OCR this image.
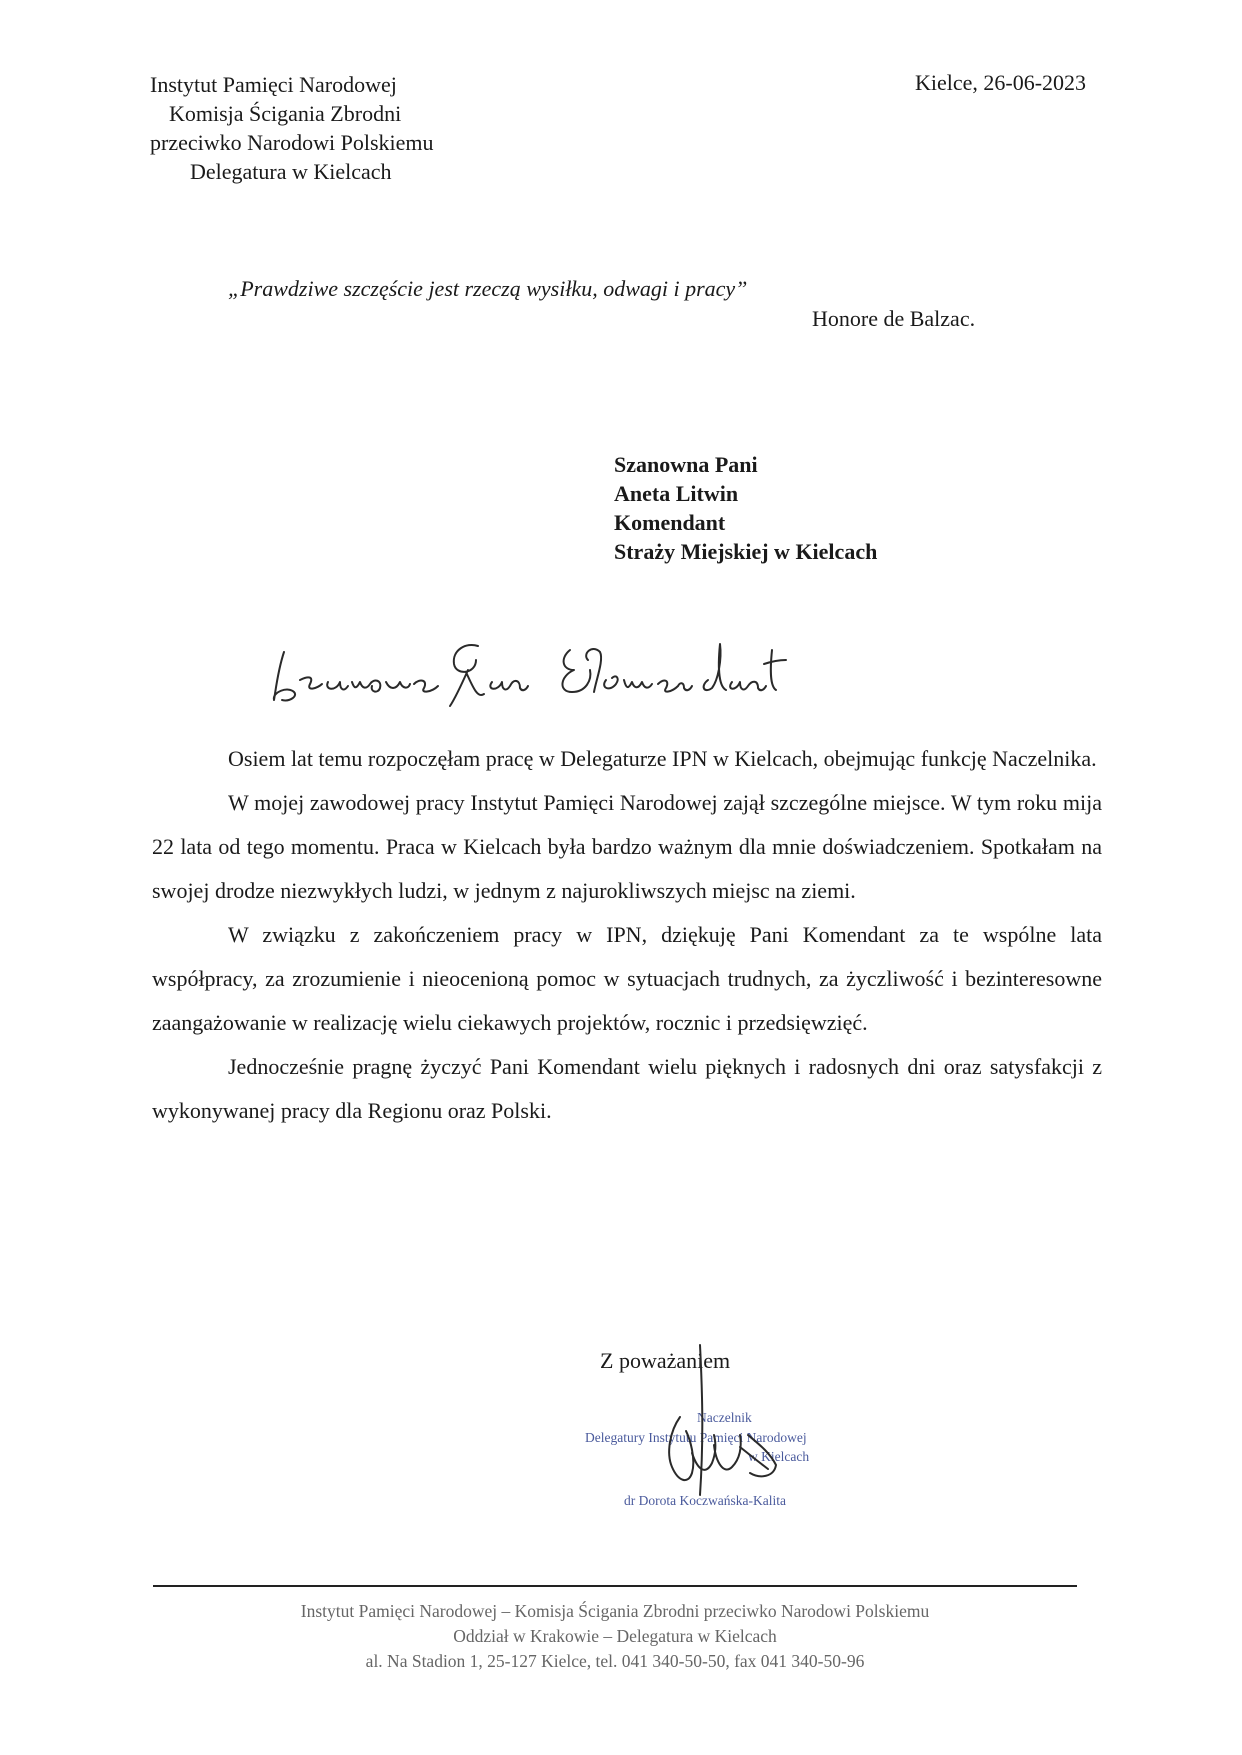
Instytut Pamięci Narodowej
Komisja Ścigania Zbrodni
przeciwko Narodowi Polskiemu
Delegatura w Kielcach
Kielce, 26-06-2023
„Prawdziwe szczęście jest rzeczą wysiłku, odwagi i pracy”
Honore de Balzac.
Szanowna Pani
Aneta Litwin
Komendant
Straży Miejskiej w Kielcach

Osiem lat temu rozpoczęłam pracę w Delegaturze IPN w Kielcach, obejmując funkcję Naczelnika.

W mojej zawodowej pracy Instytut Pamięci Narodowej zajął szczególne miejsce. W tym roku mija 22 lata od tego momentu. Praca w Kielcach była bardzo ważnym dla mnie doświadczeniem. Spotkałam na swojej drodze niezwykłych ludzi, w jednym z najurokliwszych miejsc na ziemi.

W związku z zakończeniem pracy w IPN, dziękuję Pani Komendant za te wspólne lata współpracy, za zrozumienie i nieocenioną pomoc w sytuacjach trudnych, za życzliwość i bezinteresowne zaangażowanie w realizację wielu ciekawych projektów, rocznic i przedsięwzięć.

Jednocześnie pragnę życzyć Pani Komendant wielu pięknych i radosnych dni oraz satysfakcji z wykonywanej pracy dla Regionu oraz Polski.

Z poważaniem
Naczelnik
Delegatury Instytutu Pamięci Narodowej
w Kielcach
dr Dorota Koczwańska-Kalita
Instytut Pamięci Narodowej – Komisja Ścigania Zbrodni przeciwko Narodowi Polskiemu
Oddział w Krakowie – Delegatura w Kielcach
al. Na Stadion 1, 25-127 Kielce, tel. 041 340-50-50, fax 041 340-50-96
